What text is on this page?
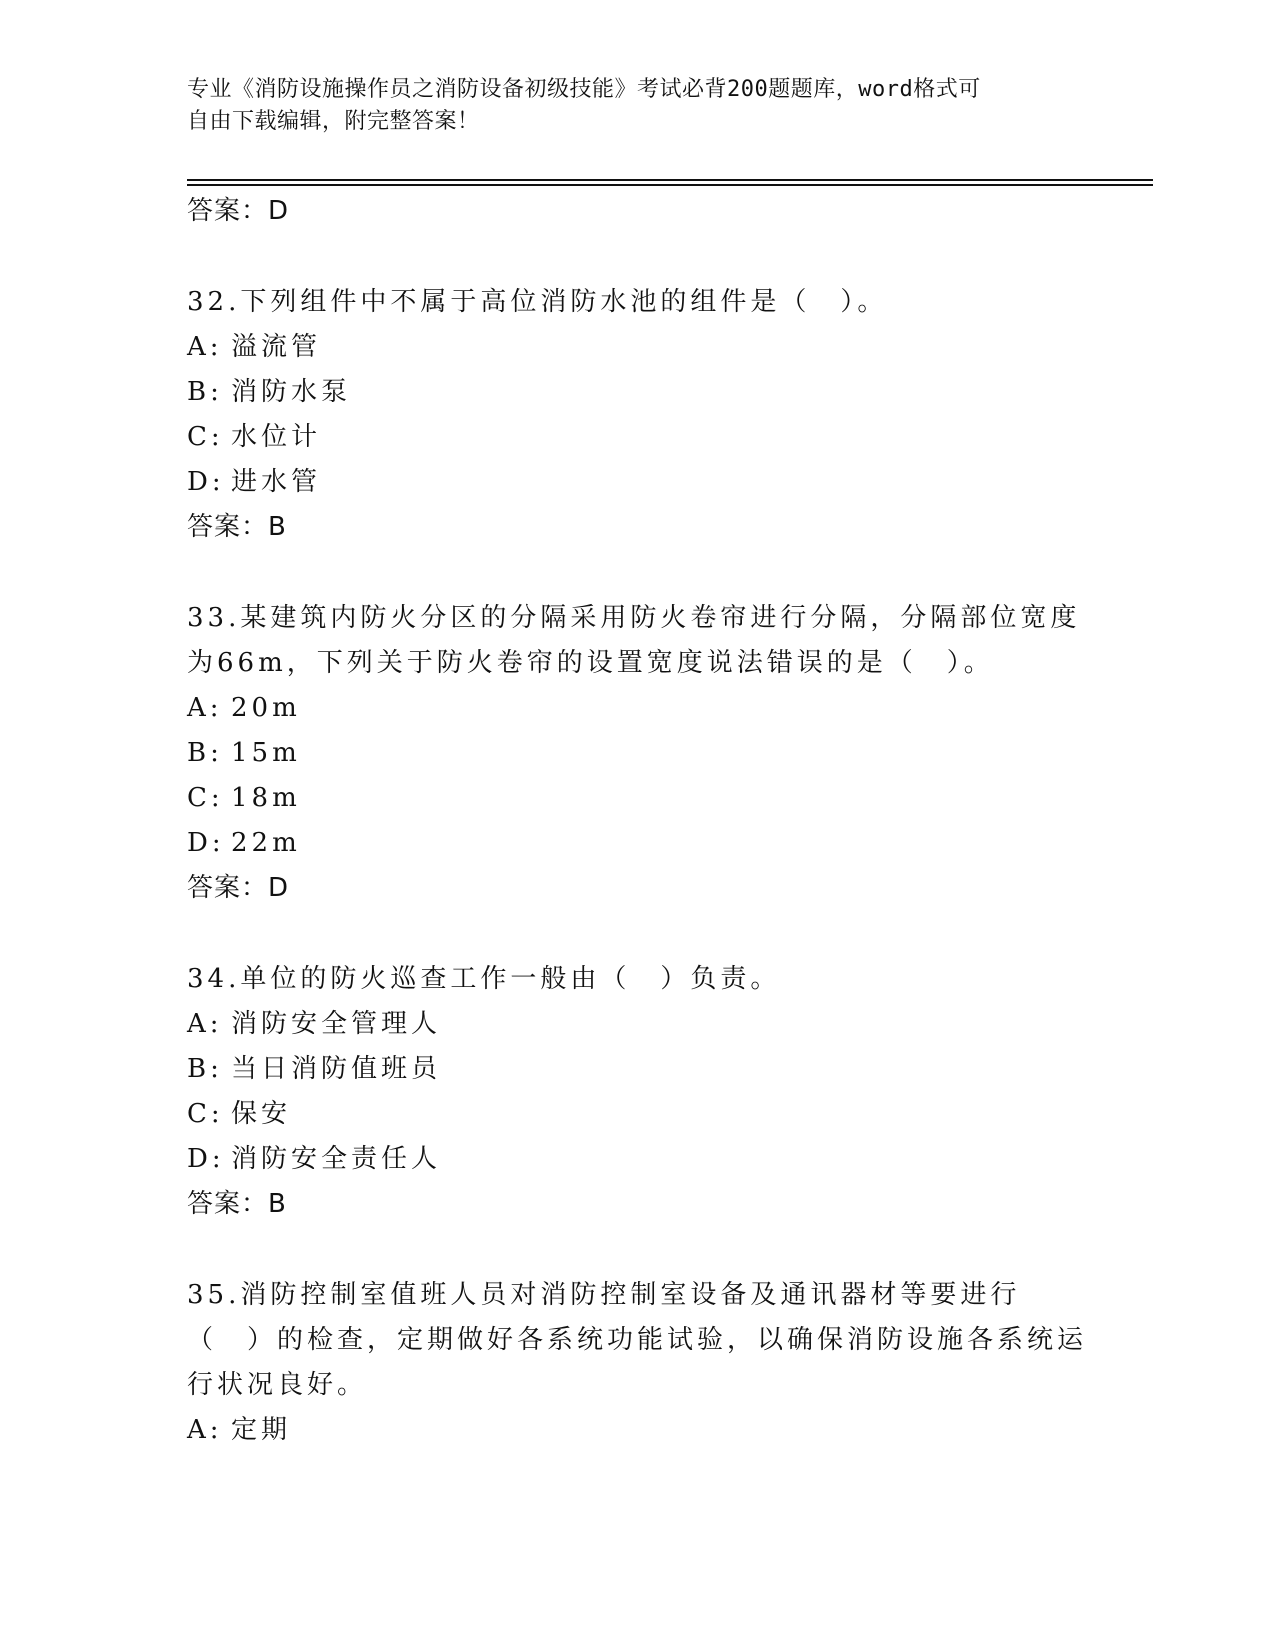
专业《消防设施操作员之消防设备初级技能》考试必背200题题库，word格式可
自由下载编辑，附完整答案！
答案：D
32.下列组件中不属于高位消防水池的组件是（　）。
A: 溢流管
B: 消防水泵
C: 水位计
D: 进水管
答案：B
33.某建筑内防火分区的分隔采用防火卷帘进行分隔，分隔部位宽度为66m，下列关于防火卷帘的设置宽度说法错误的是（　）。
A: 20m
B: 15m
C: 18m
D: 22m
答案：D
34.单位的防火巡查工作一般由（　）负责。
A: 消防安全管理人
B: 当日消防值班员
C: 保安
D: 消防安全责任人
答案：B
35.消防控制室值班人员对消防控制室设备及通讯器材等要进行（　）的检查，定期做好各系统功能试验，以确保消防设施各系统运行状况良好。
A: 定期
